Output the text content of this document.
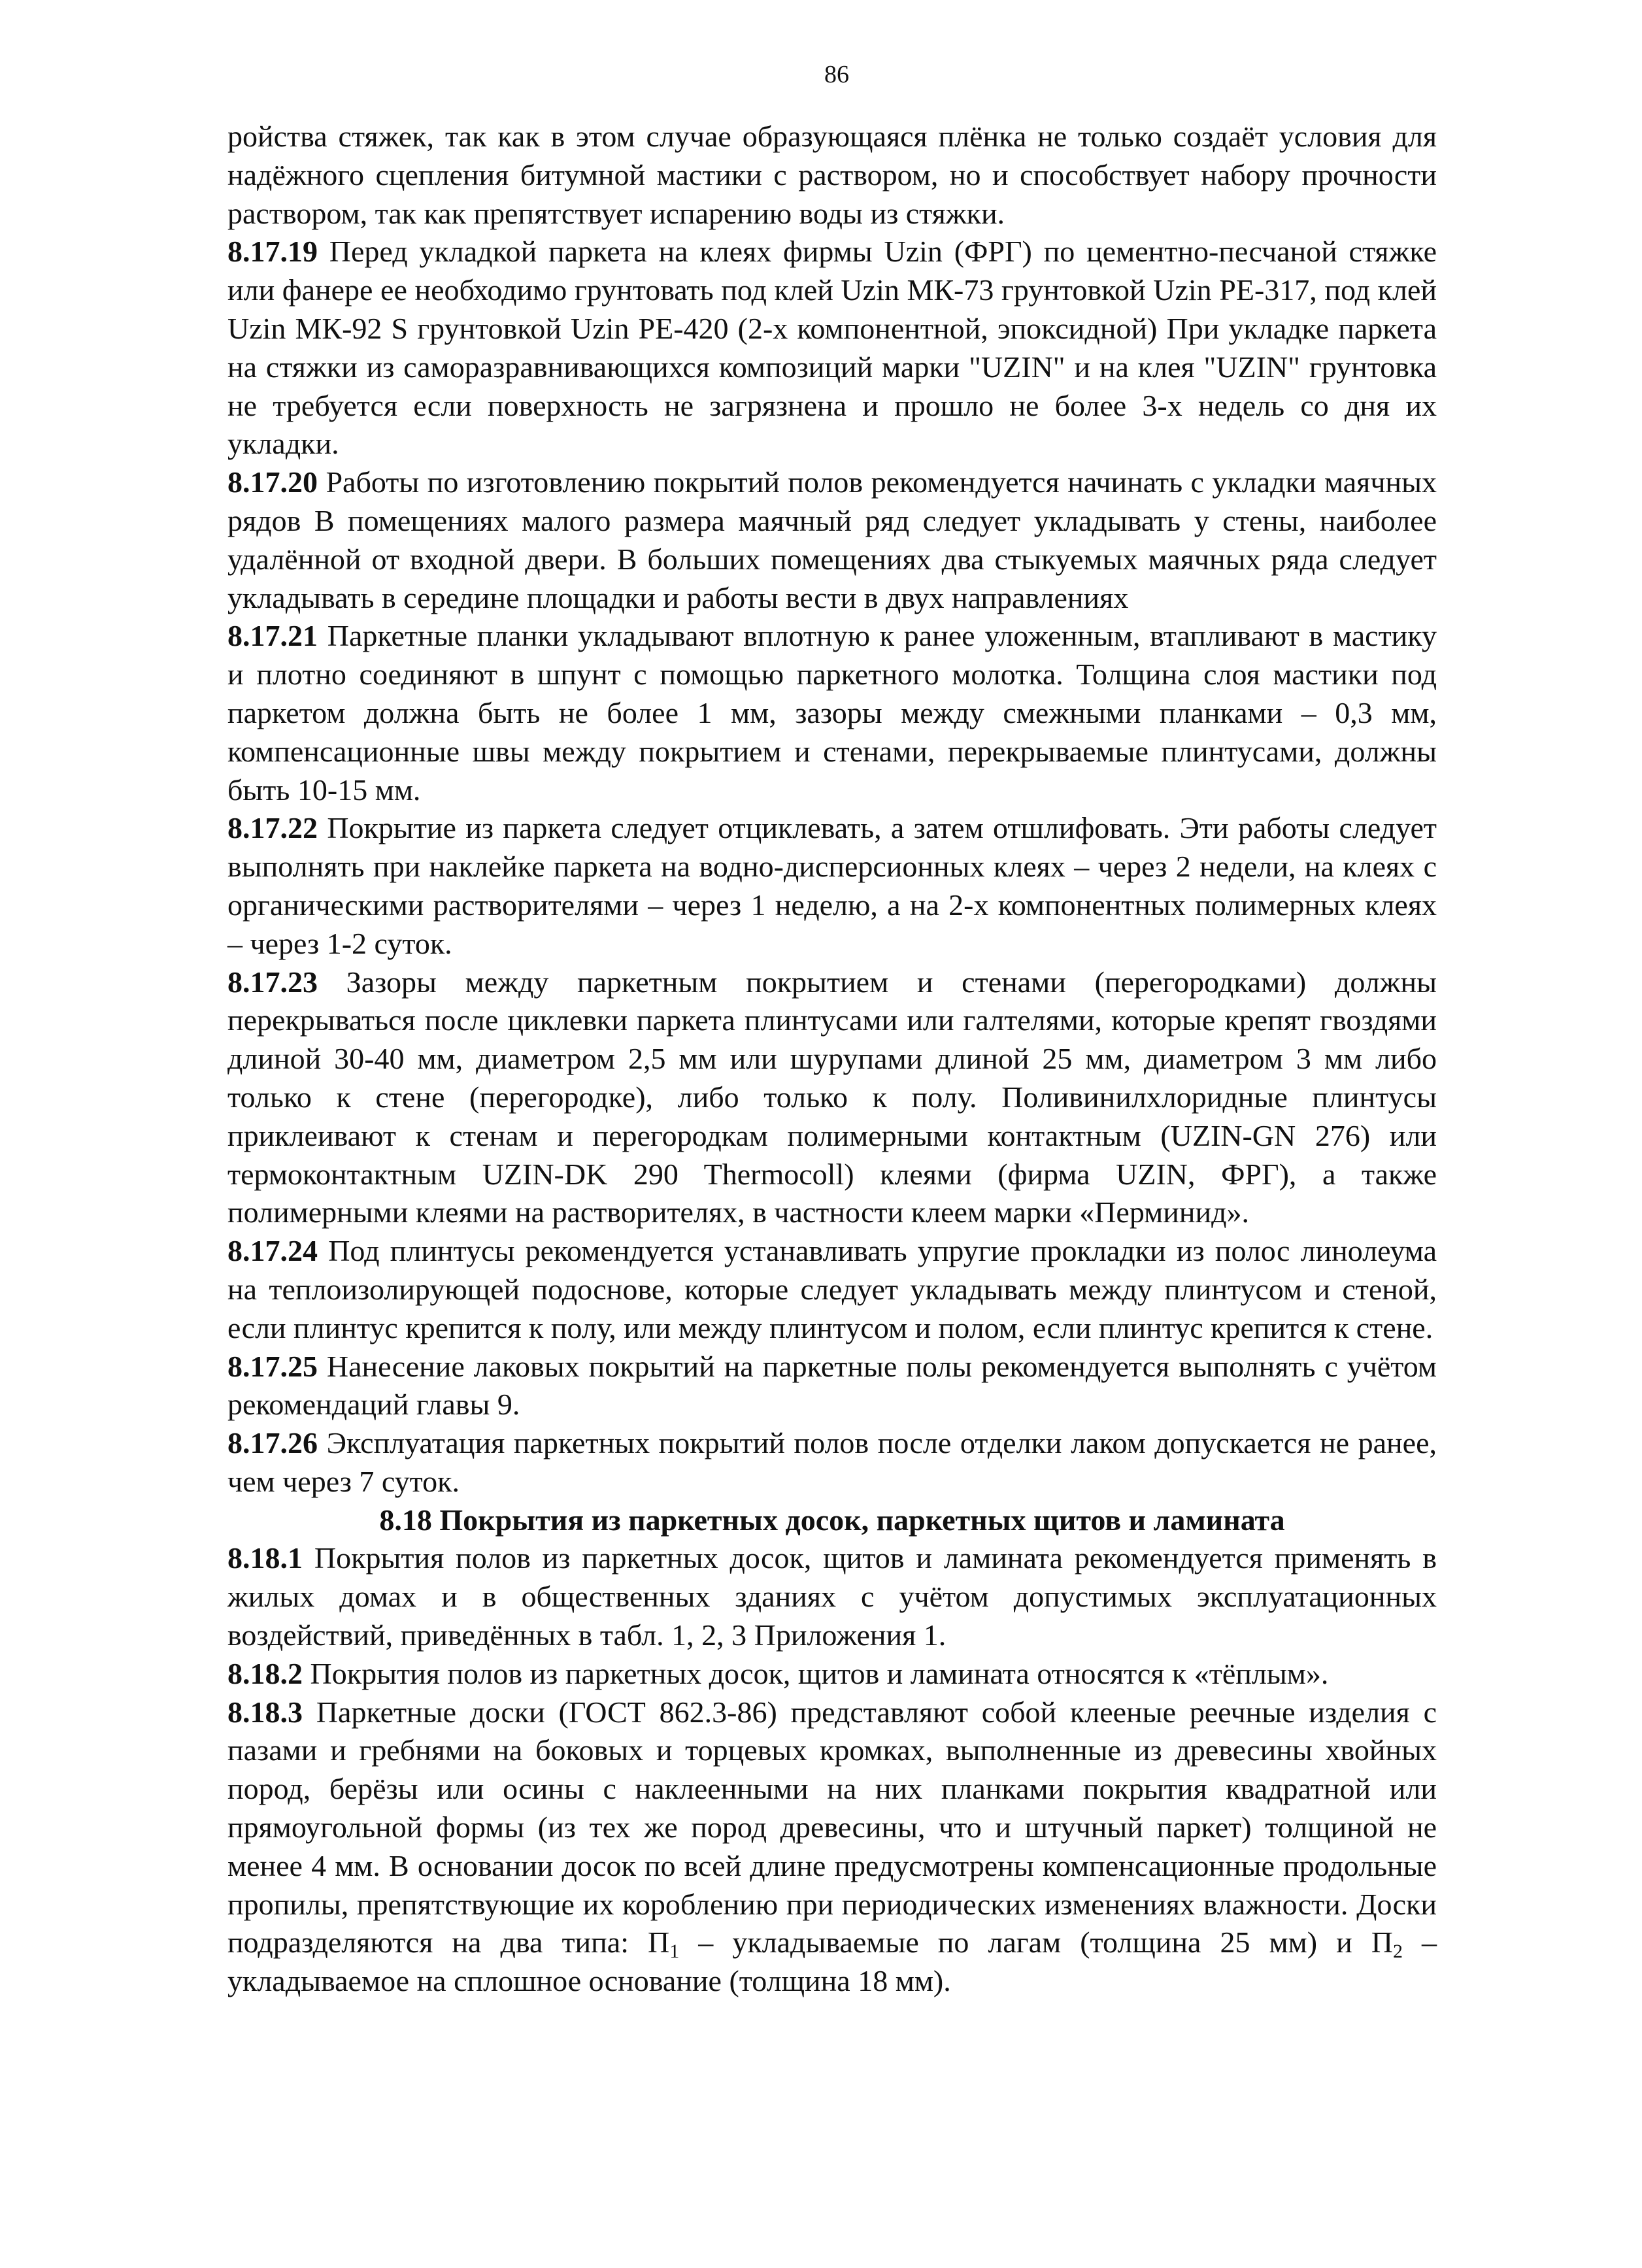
86

ройства стяжек, так как в этом случае образующаяся плёнка не только создаёт условия для надёжного сцепления битумной мастики с раствором, но и способствует набору прочности раствором, так как препятствует испарению воды из стяжки.

8.17.19 Перед укладкой паркета на клеях фирмы Uzin (ФРГ) по цементно-песчаной стяжке или фанере ее необходимо грунтовать под клей Uzin МК-73 грунтовкой Uzin PE-317, под клей Uzin МК-92 S грунтовкой Uzin PE-420 (2-х компонентной, эпоксидной) При укладке паркета на стяжки из саморазравнивающихся композиций марки "UZIN" и на клея "UZIN" грунтовка не требуется если поверхность не загрязнена и прошло не более 3-х недель со дня их укладки.

8.17.20 Работы по изготовлению покрытий полов рекомендуется начинать с укладки маячных рядов В помещениях малого размера маячный ряд следует укладывать у стены, наиболее удалённой от входной двери. В больших помещениях два стыкуемых маячных ряда следует укладывать в середине площадки и работы вести в двух направлениях

8.17.21 Паркетные планки укладывают вплотную к ранее уложенным, втапливают в мастику и плотно соединяют в шпунт с помощью паркетного молотка. Толщина слоя мастики под паркетом должна быть не более 1 мм, зазоры между смежными планками – 0,3 мм, компенсационные швы между покрытием и стенами, перекрываемые плинтусами, должны быть 10-15 мм.

8.17.22 Покрытие из паркета следует отциклевать, а затем отшлифовать. Эти работы следует выполнять при наклейке паркета на водно-дисперсионных клеях – через 2 недели, на клеях с органическими растворителями – через 1 неделю, а на 2-х компонентных полимерных клеях – через 1-2 суток.

8.17.23 Зазоры между паркетным покрытием и стенами (перегородками) должны перекрываться после циклевки паркета плинтусами или галтелями, которые крепят гвоздями длиной 30-40 мм, диаметром 2,5 мм или шурупами длиной 25 мм, диаметром 3 мм либо только к стене (перегородке), либо только к полу. Поливинилхлоридные плинтусы приклеивают к стенам и перегородкам полимерными контактным (UZIN-GN 276) или термоконтактным UZIN-DK 290 Thermocoll) клеями (фирма UZIN, ФРГ), а также полимерными клеями на растворителях, в частности клеем марки «Перминид».

8.17.24 Под плинтусы рекомендуется устанавливать упругие прокладки из полос линолеума на теплоизолирующей подоснове, которые следует укладывать между плинтусом и стеной, если плинтус крепится к полу, или между плинтусом и полом, если плинтус крепится к стене.

8.17.25 Нанесение лаковых покрытий на паркетные полы рекомендуется выполнять с учётом рекомендаций главы 9.

8.17.26 Эксплуатация паркетных покрытий полов после отделки лаком допускается не ранее, чем через 7 суток.

8.18 Покрытия из паркетных досок, паркетных щитов и ламината

8.18.1 Покрытия полов из паркетных досок, щитов и ламината рекомендуется применять в жилых домах и в общественных зданиях с учётом допустимых эксплуатационных воздействий, приведённых в табл. 1, 2, 3 Приложения 1.

8.18.2 Покрытия полов из паркетных досок, щитов и ламината относятся к «тёплым».

8.18.3 Паркетные доски (ГОСТ 862.3-86) представляют собой клееные реечные изделия с пазами и гребнями на боковых и торцевых кромках, выполненные из древесины хвойных пород, берёзы или осины с наклеенными на них планками покрытия квадратной или прямоугольной формы (из тех же пород древесины, что и штучный паркет) толщиной не менее 4 мм. В основании досок по всей длине предусмотрены компенсационные продольные пропилы, препятствующие их короблению при периодических изменениях влажности. Доски подразделяются на два типа: $П_1$ – укладываемые по лагам (толщина 25 мм) и $П_2$ – укладываемое на сплошное основание (толщина 18 мм).
